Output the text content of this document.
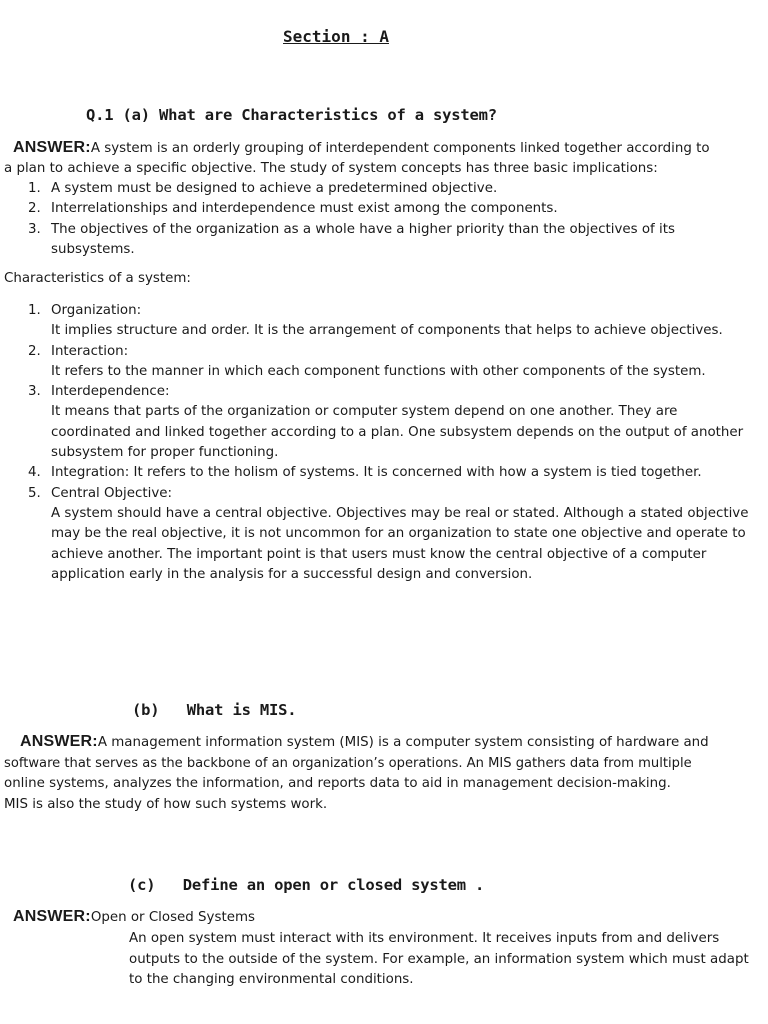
Section : A
Q.1 (a) What are Characteristics of a system?
ANSWER:A system is an orderly grouping of interdependent components linked together according to
a plan to achieve a specific objective. The study of system concepts has three basic implications:
1. A system must be designed to achieve a predetermined objective.
2. Interrelationships and interdependence must exist among the components.
3. The objectives of the organization as a whole have a higher priority than the objectives of its subsystems.
Characteristics of a system:
1. Organization:
It implies structure and order. It is the arrangement of components that helps to achieve objectives.
2. Interaction:
It refers to the manner in which each component functions with other components of the system.
3. Interdependence:
It means that parts of the organization or computer system depend on one another. They are coordinated and linked together according to a plan. One subsystem depends on the output of another subsystem for proper functioning.
4. Integration: It refers to the holism of systems. It is concerned with how a system is tied together.
5. Central Objective:
A system should have a central objective. Objectives may be real or stated. Although a stated objective may be the real objective, it is not uncommon for an organization to state one objective and operate to achieve another. The important point is that users must know the central objective of a computer application early in the analysis for a successful design and conversion.
(b)   What is MIS.
ANSWER:A management information system (MIS) is a computer system consisting of hardware and
software that serves as the backbone of an organization’s operations. An MIS gathers data from multiple
online systems, analyzes the information, and reports data to aid in management decision-making.
MIS is also the study of how such systems work.
(c)   Define an open or closed system .
ANSWER:Open or Closed Systems
An open system must interact with its environment. It receives inputs from and delivers outputs to the outside of the system. For example, an information system which must adapt to the changing environmental conditions.
